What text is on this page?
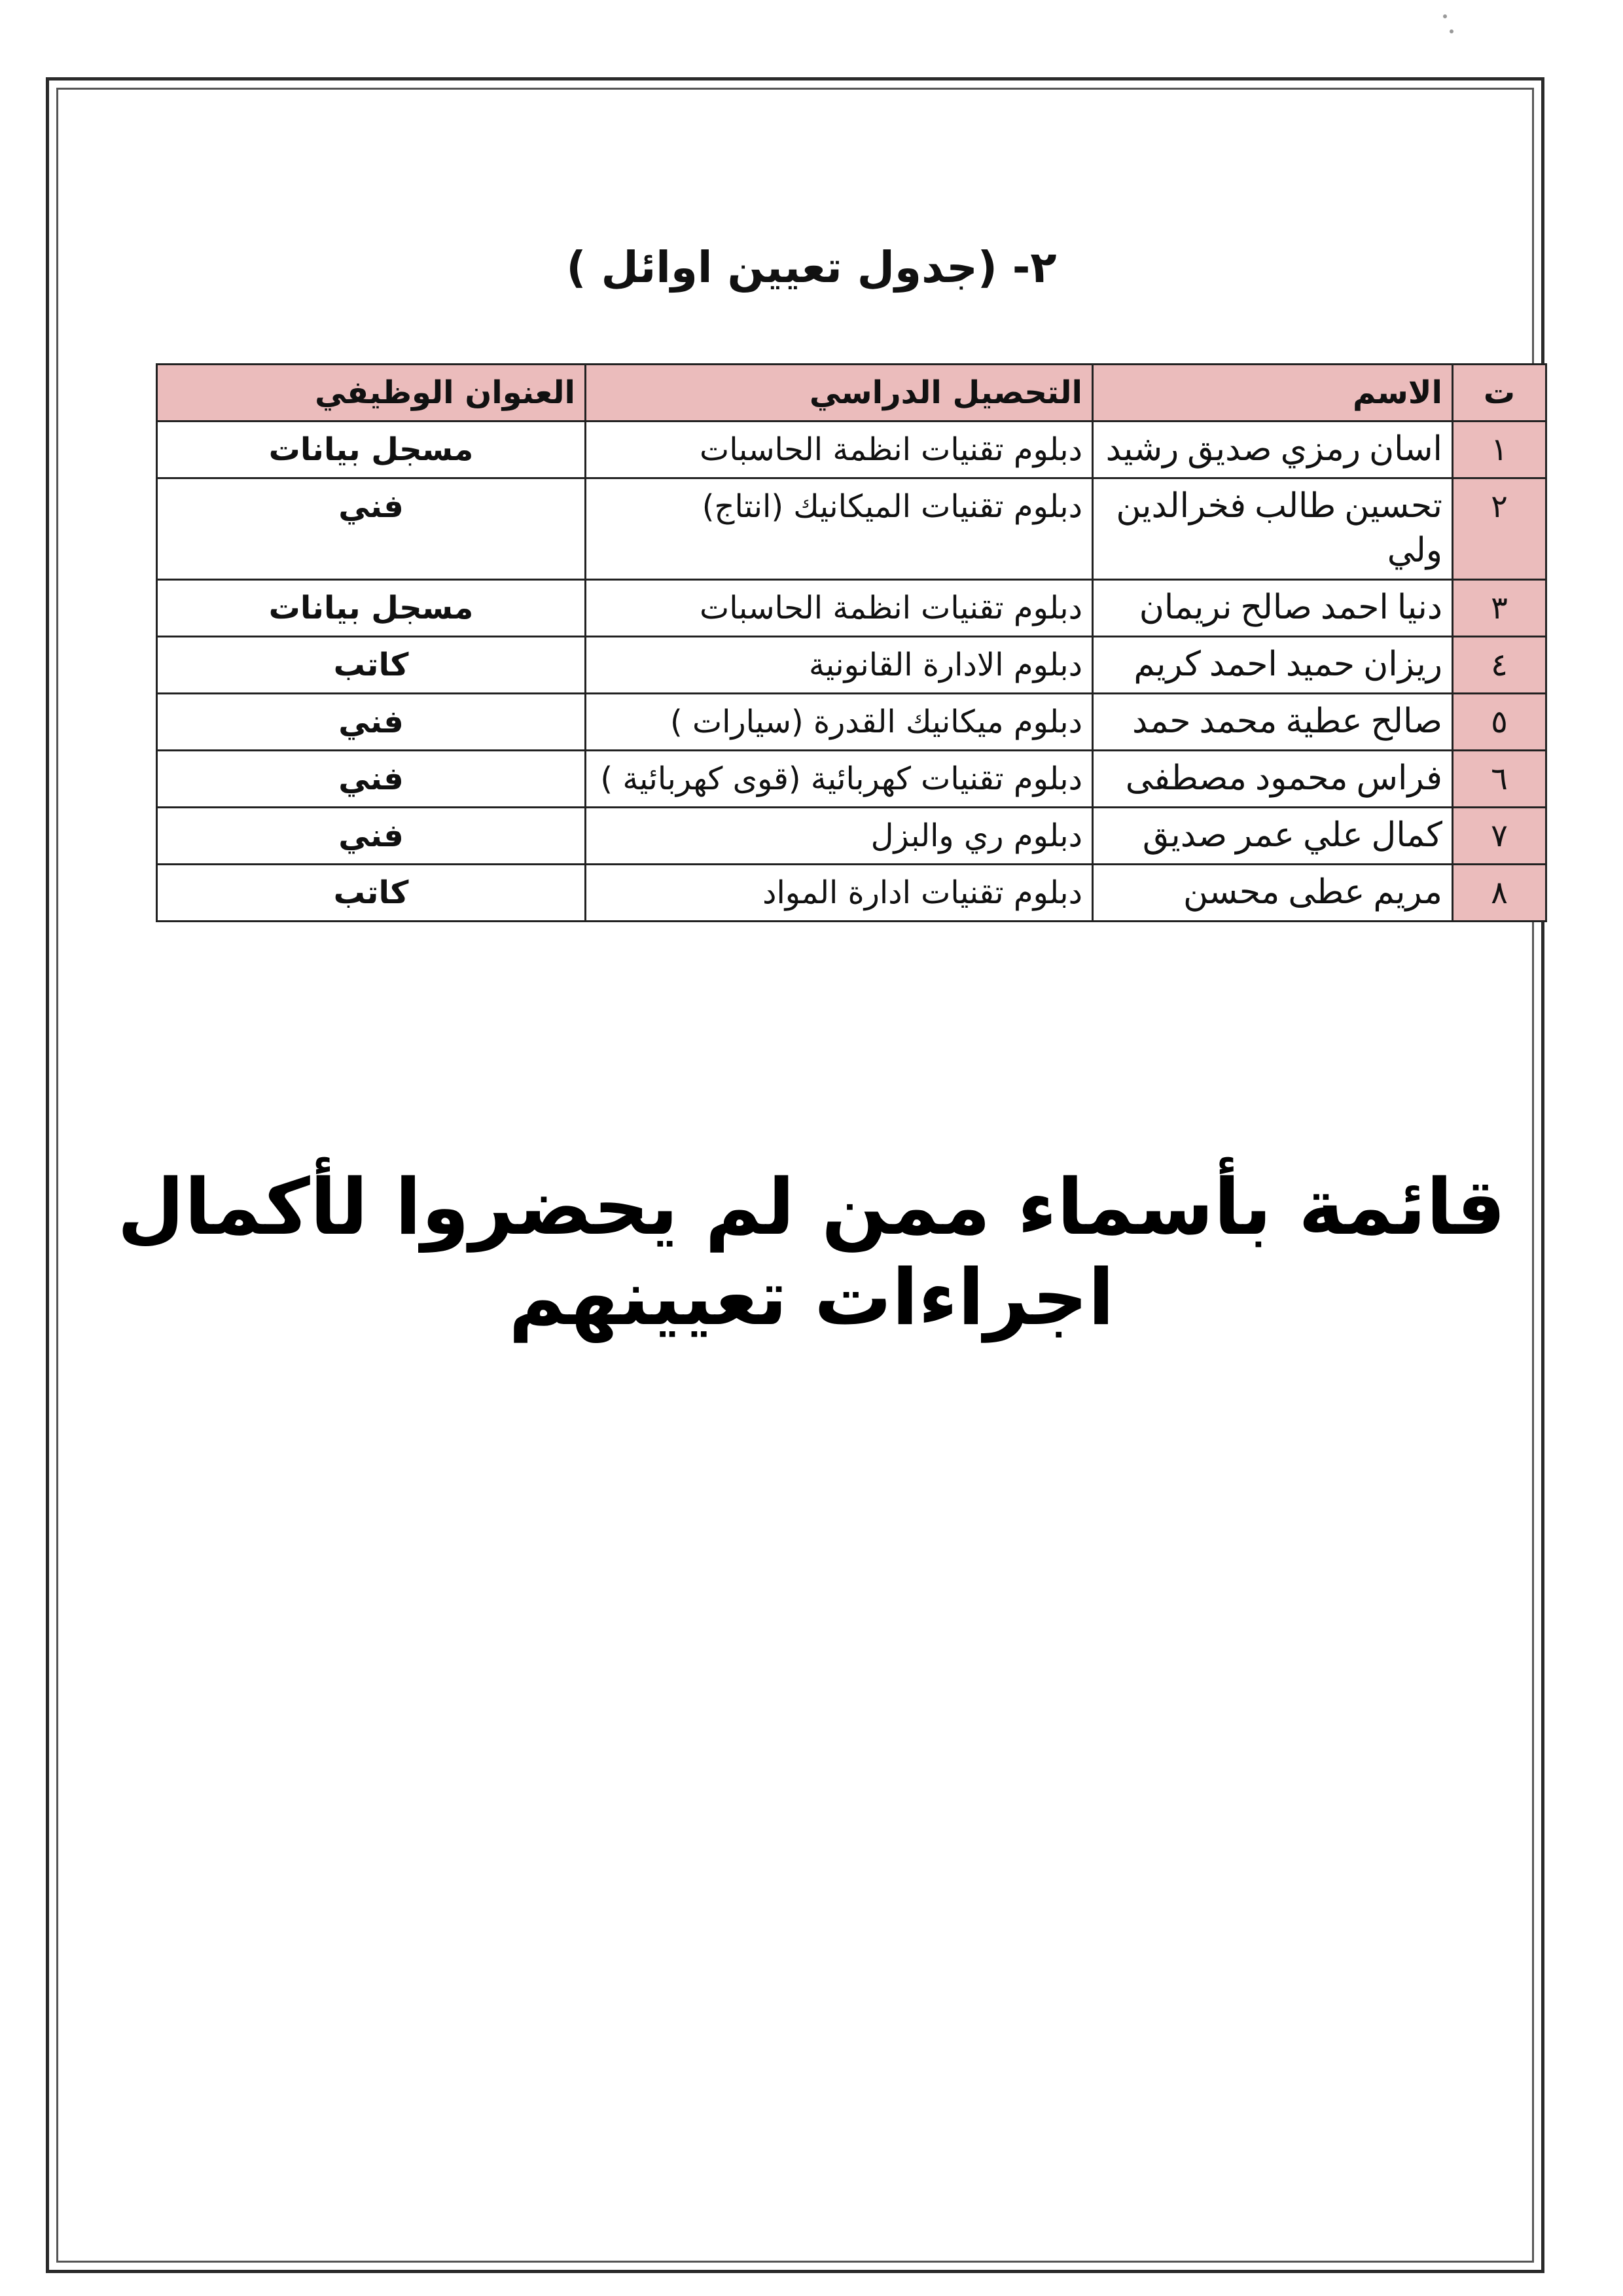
٢- (جدول تعيين اوائل )
ت	الاسم	التحصيل الدراسي	العنوان الوظيفي
١	اسان رمزي صديق رشيد	دبلوم تقنيات انظمة الحاسبات	مسجل بيانات
٢	تحسين طالب فخرالدين ولي	دبلوم تقنيات الميكانيك (انتاج)	فني
٣	دنيا احمد صالح نريمان	دبلوم تقنيات انظمة الحاسبات	مسجل بيانات
٤	ريزان حميد احمد كريم	دبلوم الادارة القانونية	كاتب
٥	صالح عطية محمد حمد	دبلوم ميكانيك القدرة (سيارات )	فني
٦	فراس محمود مصطفى	دبلوم تقنيات كهربائية (قوى كهربائية )	فني
٧	كمال علي عمر صديق	دبلوم ري والبزل	فني
٨	مريم عطى محسن	دبلوم تقنيات ادارة المواد	كاتب
قائمة بأسماء ممن لم يحضروا لأكمال اجراءات تعيينهم
